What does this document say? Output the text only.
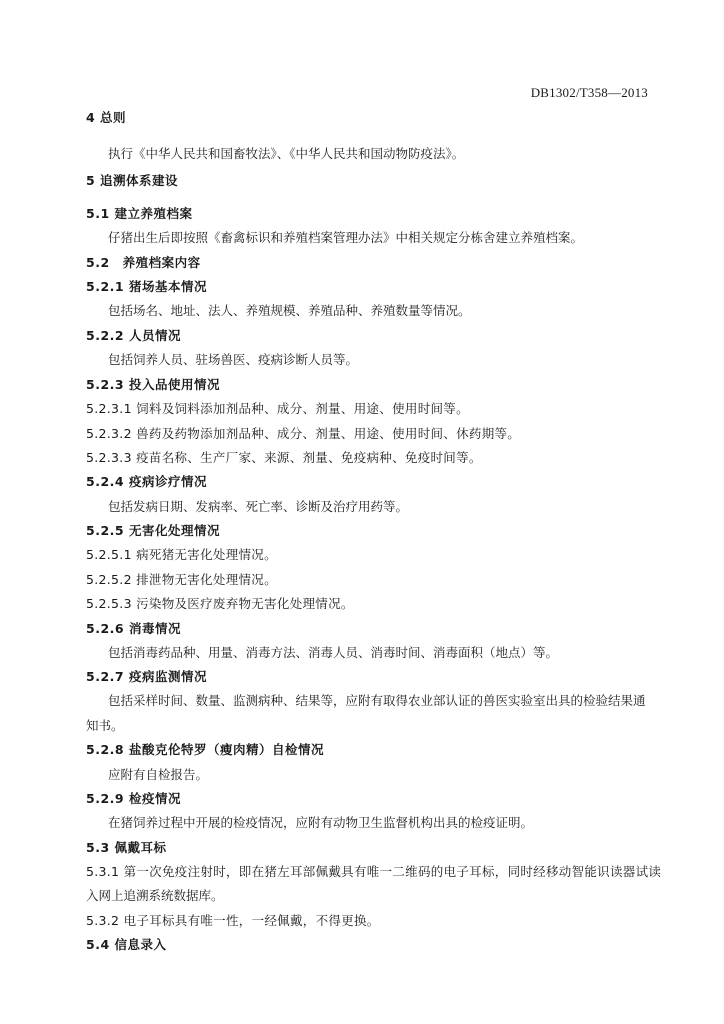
DB1302/T358—2013
4 总则
执行《中华人民共和国畜牧法》、《中华人民共和国动物防疫法》。
5 追溯体系建设
5.1 建立养殖档案
仔猪出生后即按照《畜禽标识和养殖档案管理办法》中相关规定分栋舍建立养殖档案。
5.2　养殖档案内容
5.2.1 猪场基本情况
包括场名、地址、法人、养殖规模、养殖品种、养殖数量等情况。
5.2.2 人员情况
包括饲养人员、驻场兽医、疫病诊断人员等。
5.2.3 投入品使用情况
5.2.3.1 饲料及饲料添加剂品种、成分、剂量、用途、使用时间等。
5.2.3.2 兽药及药物添加剂品种、成分、剂量、用途、使用时间、休药期等。
5.2.3.3 疫苗名称、生产厂家、来源、剂量、免疫病种、免疫时间等。
5.2.4 疫病诊疗情况
包括发病日期、发病率、死亡率、诊断及治疗用药等。
5.2.5 无害化处理情况
5.2.5.1 病死猪无害化处理情况。
5.2.5.2 排泄物无害化处理情况。
5.2.5.3 污染物及医疗废弃物无害化处理情况。
5.2.6 消毒情况
包括消毒药品种、用量、消毒方法、消毒人员、消毒时间、消毒面积（地点）等。
5.2.7 疫病监测情况
包括采样时间、数量、监测病种、结果等，应附有取得农业部认证的兽医实验室出具的检验结果通
知书。
5.2.8 盐酸克伦特罗（瘦肉精）自检情况
应附有自检报告。
5.2.9 检疫情况
在猪饲养过程中开展的检疫情况，应附有动物卫生监督机构出具的检疫证明。
5.3 佩戴耳标
5.3.1 第一次免疫注射时，即在猪左耳部佩戴具有唯一二维码的电子耳标，同时经移动智能识读器试读
入网上追溯系统数据库。
5.3.2 电子耳标具有唯一性，一经佩戴，不得更换。
5.4 信息录入
